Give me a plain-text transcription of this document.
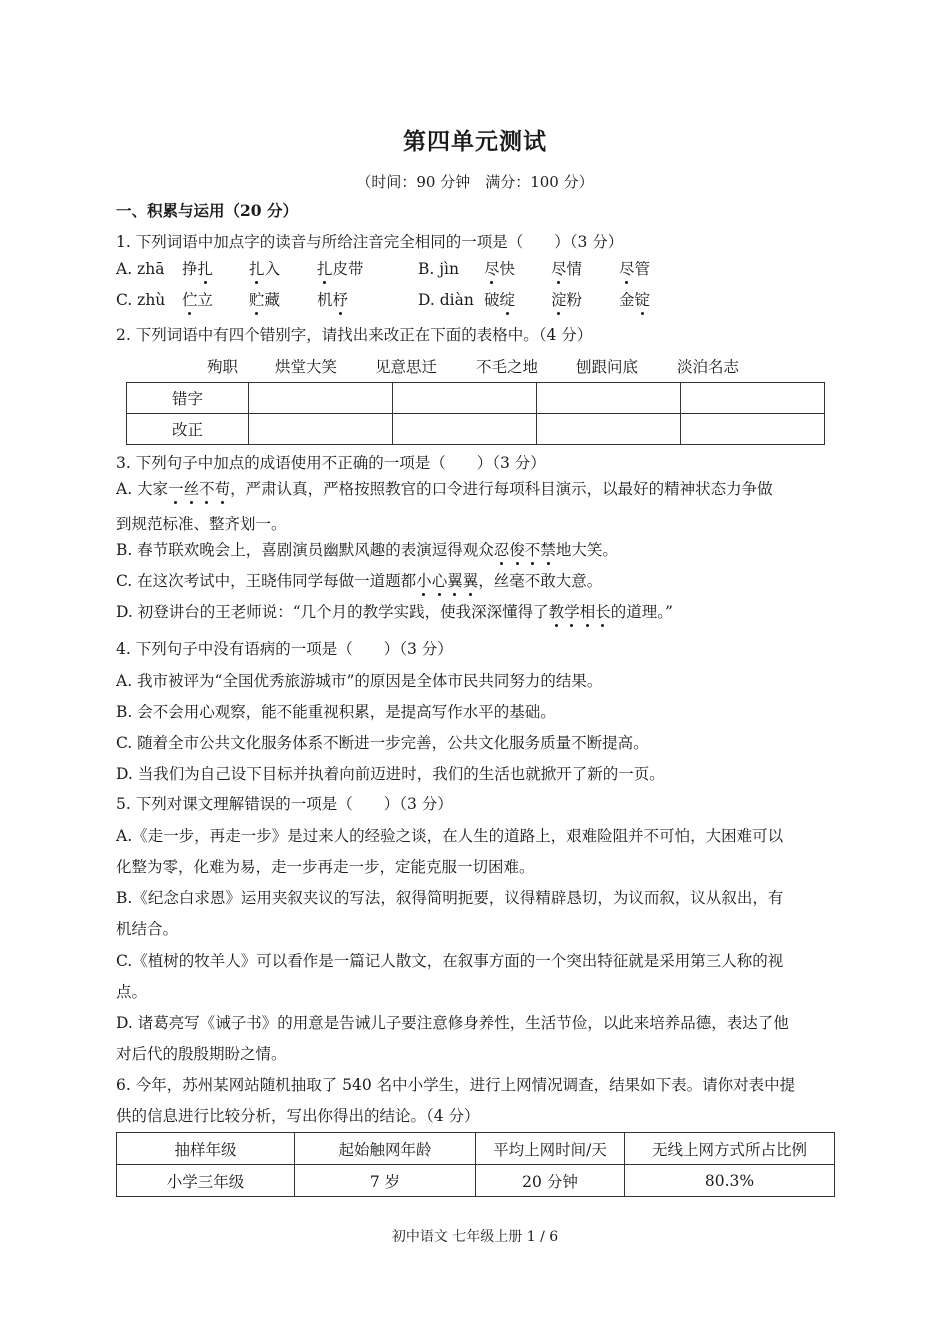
第四单元测试
（时间：90 分钟　满分：100 分）
一、积累与运用（20 分）
1. 下列词语中加点字的读音与所给注音完全相同的一项是（　　）（3 分）
A. zhā 挣扎 扎入 扎皮带	B. jìn 尽快 尽情 尽管
C. zhù 伫立 贮藏 机杼	D. diàn 破绽 淀粉 金锭
2. 下列词语中有四个错别字，请找出来改正在下面的表格中。（4 分）
殉职 烘堂大笑 见意思迁	不毛之地 刨跟问底	淡泊名志
错字				
改正				
3. 下列句子中加点的成语使用不正确的一项是（　　）（3 分）
A. 大家一丝不苟，严肃认真，严格按照教官的口令进行每项科目演示，以最好的精神状态力争做
到规范标准、整齐划一。
B. 春节联欢晚会上，喜剧演员幽默风趣的表演逗得观众忍俊不禁地大笑。
C. 在这次考试中，王晓伟同学每做一道题都小心翼翼，丝毫不敢大意。
D. 初登讲台的王老师说：“几个月的教学实践，使我深深懂得了教学相长的道理。”
4. 下列句子中没有语病的一项是（　　）（3 分）
A. 我市被评为“全国优秀旅游城市”的原因是全体市民共同努力的结果。
B. 会不会用心观察，能不能重视积累，是提高写作水平的基础。
C. 随着全市公共文化服务体系不断进一步完善，公共文化服务质量不断提高。
D. 当我们为自己设下目标并执着向前迈进时，我们的生活也就掀开了新的一页。
5. 下列对课文理解错误的一项是（　　）（3 分）
A.《走一步，再走一步》是过来人的经验之谈，在人生的道路上，艰难险阻并不可怕，大困难可以
化整为零，化难为易，走一步再走一步，定能克服一切困难。
B.《纪念白求恩》运用夹叙夹议的写法，叙得简明扼要，议得精辟恳切，为议而叙，议从叙出，有
机结合。
C.《植树的牧羊人》可以看作是一篇记人散文，在叙事方面的一个突出特征就是采用第三人称的视
点。
D. 诸葛亮写《诫子书》的用意是告诫儿子要注意修身养性，生活节俭，以此来培养品德，表达了他
对后代的殷殷期盼之情。
6. 今年，苏州某网站随机抽取了 540 名中小学生，进行上网情况调查，结果如下表。请你对表中提
供的信息进行比较分析，写出你得出的结论。（4 分）
抽样年级	起始触网年龄	平均上网时间/天	无线上网方式所占比例
小学三年级	7 岁	20 分钟	80.3%
初中语文 七年级上册 1 / 6
